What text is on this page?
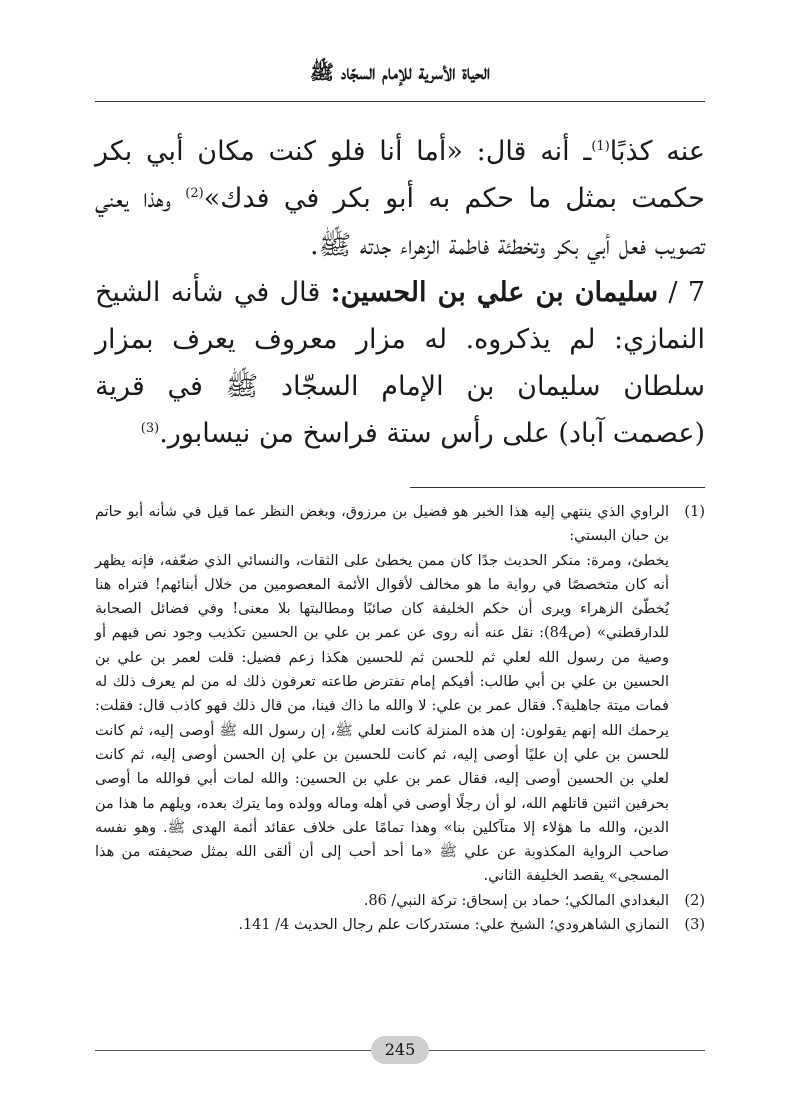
الحياة الأسرية للإمام السجّاد ﷺ

عنه كذبًا$^{(1)}$ـ أنه قال: «أما أنا فلو كنت مكان أبي بكر حكمت بمثل ما حكم به أبو بكر في فدك»$^{(2)}$ وهذا يعني تصويب فعل أبي بكر وتخطئة فاطمة الزهراء جدته ﷺ.

7 / سليمان بن علي بن الحسين: قال في شأنه الشيخ النمازي: لم يذكروه. له مزار معروف يعرف بمزار سلطان سليمان بن الإمام السجّاد ﷺ في قرية (عصمت آباد) على رأس ستة فراسخ من نيسابور.$^{(3)}$

(1)

الراوي الذي ينتهي إليه هذا الخبر هو فضيل بن مرزوق، وبغض النظر عما قيل في شأنه أبو حاتم بن حبان البستي:

يخطئ، ومرة: منكر الحديث جدًا كان ممن يخطئ على الثقات، والنسائي الذي ضعّفه، فإنه يظهر أنه كان متخصصًا في رواية ما هو مخالف لأقوال الأئمة المعصومين من خلال أبنائهم! فتراه هنا يُخطّئ الزهراء ويرى أن حكم الخليفة كان صائبًا ومطالبتها بلا معنى! وفي فضائل الصحابة للدارقطني» (ص84): نقل عنه أنه روى عن عمر بن علي بن الحسين تكذيب وجود نص فيهم أو وصية من رسول الله لعلي ثم للحسن ثم للحسين هكذا زعم فضيل: قلت لعمر بن علي بن الحسين بن علي بن أبي طالب: أفيكم إمام تفترض طاعته تعرفون ذلك له من لم يعرف ذلك له فمات ميتة جاهلية؟. فقال عمر بن علي: لا والله ما ذاك فينا، من قال ذلك فهو كاذب قال: فقلت: يرحمك الله إنهم يقولون: إن هذه المنزلة كانت لعلي ﷺ، إن رسول الله ﷺ أوصى إليه، ثم كانت للحسن بن علي إن عليًا أوصى إليه، ثم كانت للحسين بن علي إن الحسن أوصى إليه، ثم كانت لعلي بن الحسين أوصى إليه، فقال عمر بن علي بن الحسين: والله لمات أبي فوالله ما أوصى بحرفين اثنين قاتلهم الله، لو أن رجلًا أوصى في أهله وماله وولده وما يترك بعده، ويلهم ما هذا من الدين، والله ما هؤلاء إلا متآكلين بنا» وهذا تمامًا على خلاف عقائد أئمة الهدى ﷺ. وهو نفسه صاحب الرواية المكذوبة عن علي ﷺ «ما أحد أحب إلى أن ألقى الله بمثل صحيفته من هذا المسجى» يقصد الخليفة الثاني.

(2)

البغدادي المالكي؛ حماد بن إسحاق: تركة النبي/ 86.

(3)

النمازي الشاهرودي؛ الشيخ علي: مستدركات علم رجال الحديث 4/ 141.

245
